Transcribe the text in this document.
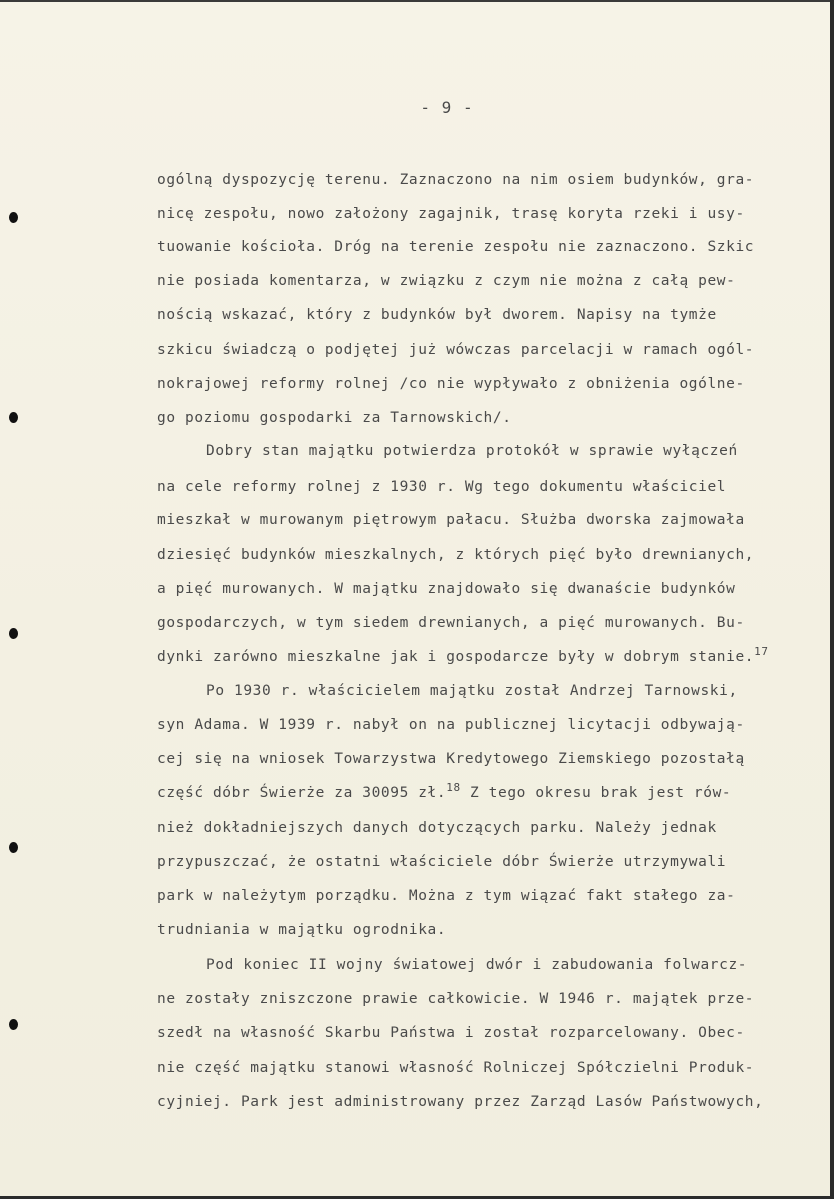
- 9 -
ogólną dyspozycję terenu. Zaznaczono na nim osiem budynków, gra-
nicę zespołu, nowo założony zagajnik, trasę koryta rzeki i usy-
tuowanie kościoła. Dróg na terenie zespołu nie zaznaczono. Szkic
nie posiada komentarza, w związku z czym nie można z całą pew-
nością wskazać, który z budynków był dworem. Napisy na tymże
szkicu świadczą o podjętej już wówczas parcelacji w ramach ogól-
nokrajowej reformy rolnej /co nie wypływało z obniżenia ogólne-
go poziomu gospodarki za Tarnowskich/.
Dobry stan majątku potwierdza protokół w sprawie wyłączeń
na cele reformy rolnej z 1930 r. Wg tego dokumentu właściciel
mieszkał w murowanym piętrowym pałacu. Służba dworska zajmowała
dziesięć budynków mieszkalnych, z których pięć było drewnianych,
a pięć murowanych. W majątku znajdowało się dwanaście budynków
gospodarczych, w tym siedem drewnianych, a pięć murowanych. Bu-
dynki zarówno mieszkalne jak i gospodarcze były w dobrym stanie.$^{17}$
Po 1930 r. właścicielem majątku został Andrzej Tarnowski,
syn Adama. W 1939 r. nabył on na publicznej licytacji odbywają-
cej się na wniosek Towarzystwa Kredytowego Ziemskiego pozostałą
część dóbr Świerże za 30095 zł.$^{18}$ Z tego okresu brak jest rów-
nież dokładniejszych danych dotyczących parku. Należy jednak
przypuszczać, że ostatni właściciele dóbr Świerże utrzymywali
park w należytym porządku. Można z tym wiązać fakt stałego za-
trudniania w majątku ogrodnika.
Pod koniec II wojny światowej dwór i zabudowania folwarcz-
ne zostały zniszczone prawie całkowicie. W 1946 r. majątek prze-
szedł na własność Skarbu Państwa i został rozparcelowany. Obec-
nie część majątku stanowi własność Rolniczej Spółczielni Produk-
cyjniej. Park jest administrowany przez Zarząd Lasów Państwowych,
